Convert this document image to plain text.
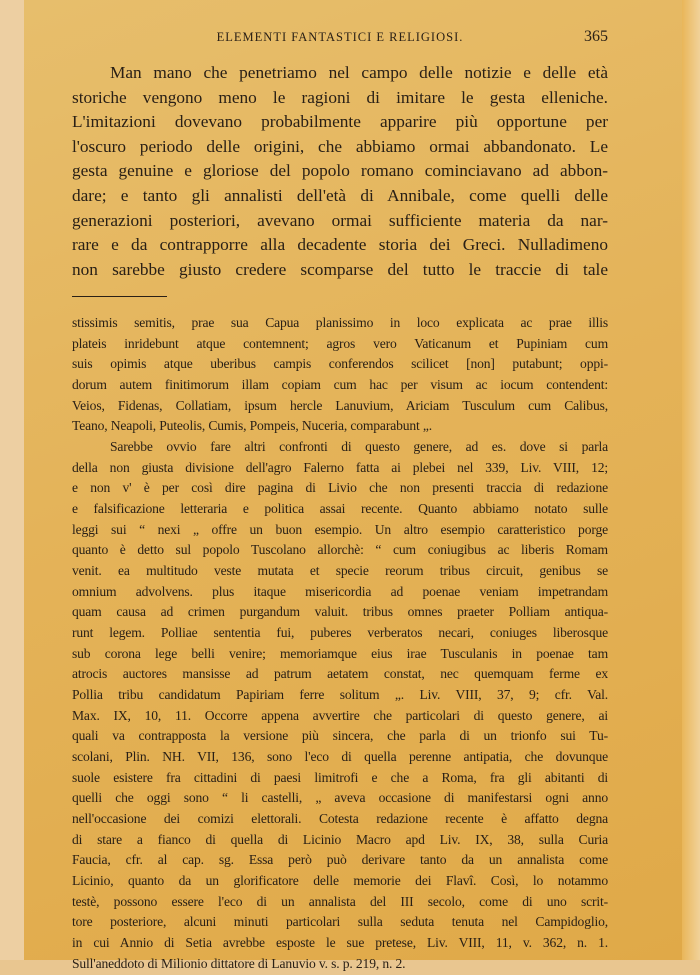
ELEMENTI FANTASTICI E RELIGIOSI.	365
Man mano che penetriamo nel campo delle notizie e delle età
storiche vengono meno le ragioni di imitare le gesta elleniche.
L'imitazioni dovevano probabilmente apparire più opportune per
l'oscuro periodo delle origini, che abbiamo ormai abbandonato. Le
gesta genuine e gloriose del popolo romano cominciavano ad abbon-
dare; e tanto gli annalisti dell'età di Annibale, come quelli delle
generazioni posteriori, avevano ormai sufficiente materia da nar-
rare e da contrapporre alla decadente storia dei Greci. Nulladimeno
non sarebbe giusto credere scomparse del tutto le traccie di tale
stissimis semitis, prae sua Capua planissimo in loco explicata ac prae illis
plateis inridebunt atque contemnent; agros vero Vaticanum et Pupiniam cum
suis opimis atque uberibus campis conferendos scilicet [non] putabunt; oppi-
dorum autem finitimorum illam copiam cum hac per visum ac iocum contendent:
Veios, Fidenas, Collatiam, ipsum hercle Lanuvium, Ariciam Tusculum cum Calibus,
Teano, Neapoli, Puteolis, Cumis, Pompeis, Nuceria, comparabunt „.
Sarebbe ovvio fare altri confronti di questo genere, ad es. dove si parla
della non giusta divisione dell'agro Falerno fatta ai plebei nel 339, Liv. VIII, 12;
e non v' è per così dire pagina di Livio che non presenti traccia di redazione
e falsificazione letteraria e politica assai recente. Quanto abbiamo notato sulle
leggi sui “ nexi „ offre un buon esempio. Un altro esempio caratteristico porge
quanto è detto sul popolo Tuscolano allorchè: “ cum coniugibus ac liberis Romam
venit. ea multitudo veste mutata et specie reorum tribus circuit, genibus se
omnium advolvens. plus itaque misericordia ad poenae veniam impetrandam
quam causa ad crimen purgandum valuit. tribus omnes praeter Polliam antiqua-
runt legem. Polliae sententia fui, puberes verberatos necari, coniuges liberosque
sub corona lege belli venire; memoriamque eius irae Tusculanis in poenae tam
atrocis auctores mansisse ad patrum aetatem constat, nec quemquam ferme ex
Pollia tribu candidatum Papiriam ferre solitum „. Liv. VIII, 37, 9; cfr. Val.
Max. IX, 10, 11. Occorre appena avvertire che particolari di questo genere, ai
quali va contrapposta la versione più sincera, che parla di un trionfo sui Tu-
scolani, Plin. NH. VII, 136, sono l'eco di quella perenne antipatia, che dovunque
suole esistere fra cittadini di paesi limitrofi e che a Roma, fra gli abitanti di
quelli che oggi sono “ li castelli, „ aveva occasione di manifestarsi ogni anno
nell'occasione dei comizi elettorali. Cotesta redazione recente è affatto degna
di stare a fianco di quella di Licinio Macro apd Liv. IX, 38, sulla Curia
Faucia, cfr. al cap. sg. Essa però può derivare tanto da un annalista come
Licinio, quanto da un glorificatore delle memorie dei Flavî. Così, lo notammo
testè, possono essere l'eco di un annalista del III secolo, come di uno scrit-
tore posteriore, alcuni minuti particolari sulla seduta tenuta nel Campidoglio,
in cui Annio di Setia avrebbe esposte le sue pretese, Liv. VIII, 11, v. 362, n. 1.
Sull'aneddoto di Milionio dittatore di Lanuvio v. s. p. 219, n. 2.
